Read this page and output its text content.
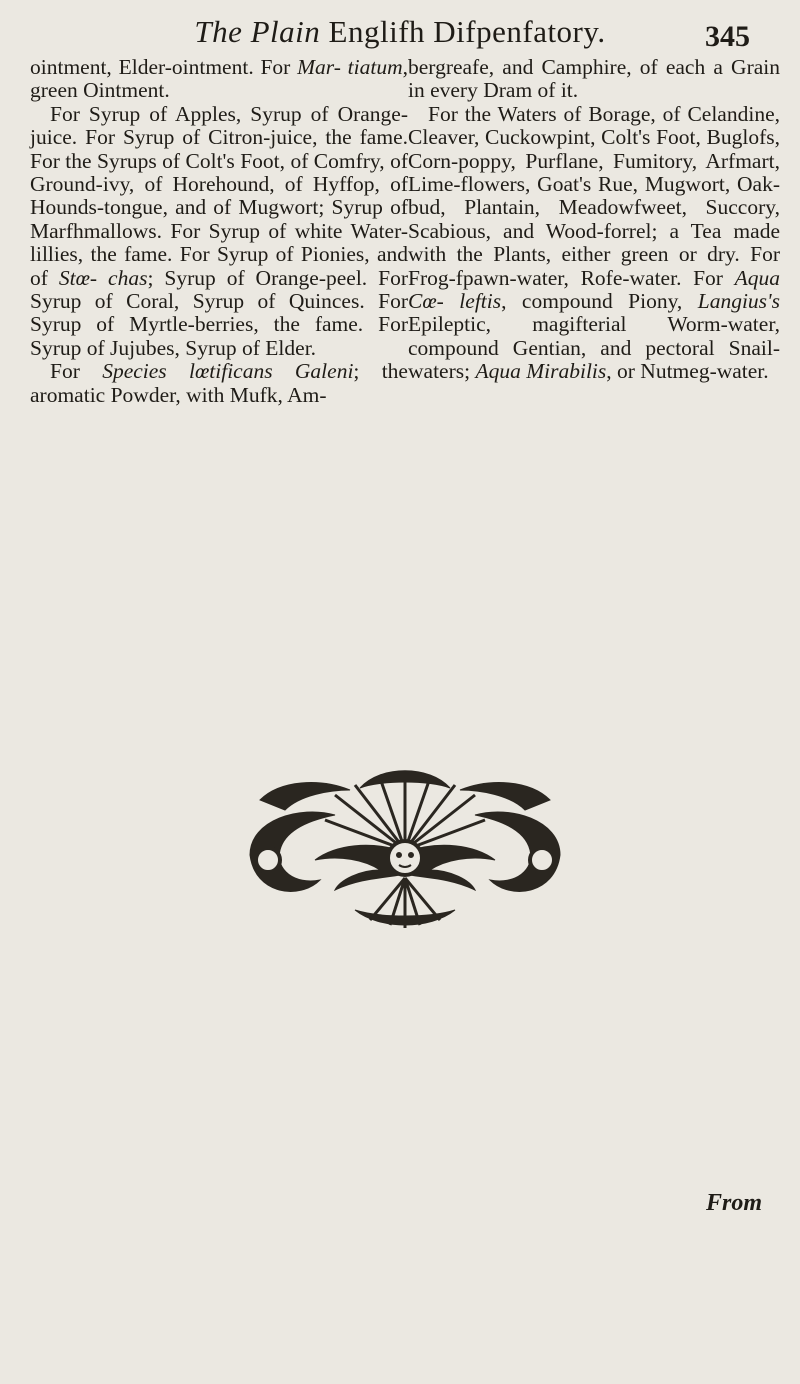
The Plain Englifh Difpenfatory.	345

ointment, Elder-ointment. For Mar- tiatum, green Ointment.

For Syrup of Apples, Syrup of Orange-juice. For Syrup of Citron-juice, the fame. For the Syrups of Colt's Foot, of Comfry, of Ground-ivy, of Horehound, of Hyffop, of Hounds-tongue, and of Mugwort; Syrup of Marfhmallows. For Syrup of white Water-lillies, the fame. For Syrup of Pionies, and of Stœ- chas; Syrup of Orange-peel. For Syrup of Coral, Syrup of Quinces. For Syrup of Myrtle-berries, the fame. For Syrup of Jujubes, Syrup of Elder.

For Species lœtificans Galeni; the aromatic Powder, with Mufk, Am-

bergreafe, and Camphire, of each a Grain in every Dram of it.

For the Waters of Borage, of Celandine, Cleaver, Cuckowpint, Colt's Foot, Buglofs, Corn-poppy, Purflane, Fumitory, Arfmart, Lime-flowers, Goat's Rue, Mugwort, Oak-bud, Plantain, Meadowfweet, Succory, Scabious, and Wood-forrel; a Tea made with the Plants, either green or dry. For Frog-fpawn-water, Rofe-water. For Aqua Cœ- leftis, compound Piony, Langius's Epileptic, magifterial Worm-water, compound Gentian, and pectoral Snail-waters; Aqua Mirabilis, or Nutmeg-water.

From
